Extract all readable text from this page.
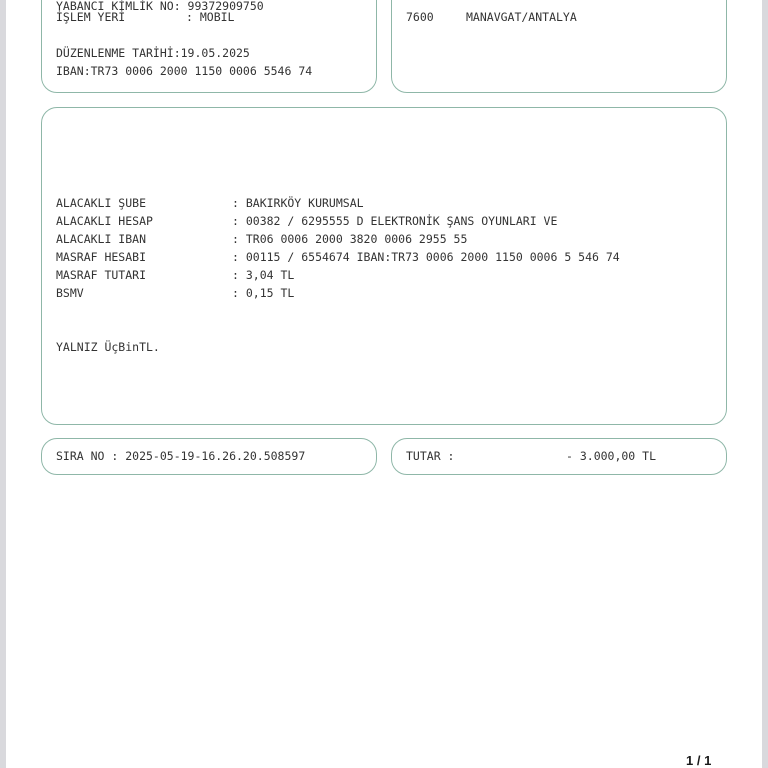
YABANCI KİMLİK NO: 99372909750
İŞLEM YERİ	: MOBIL
DÜZENLENME TARİHİ:19.05.2025
IBAN:TR73 0006 2000 1150 0006 5546 74
7600	MANAVGAT/ANTALYA
ALACAKLI ŞUBE	: BAKIRKÖY KURUMSAL
ALACAKLI HESAP	: 00382 / 6295555 D ELEKTRONİK ŞANS OYUNLARI VE
ALACAKLI IBAN	: TR06 0006 2000 3820 0006 2955 55
MASRAF HESABI	: 00115 / 6554674 IBAN:TR73 0006 2000 1150 0006 5 546 74
MASRAF TUTARI	: 3,04 TL
BSMV	: 0,15 TL
YALNIZ ÜçBinTL.
SIRA NO : 2025-05-19-16.26.20.508597	TUTAR :	- 3.000,00 TL
1 / 1
